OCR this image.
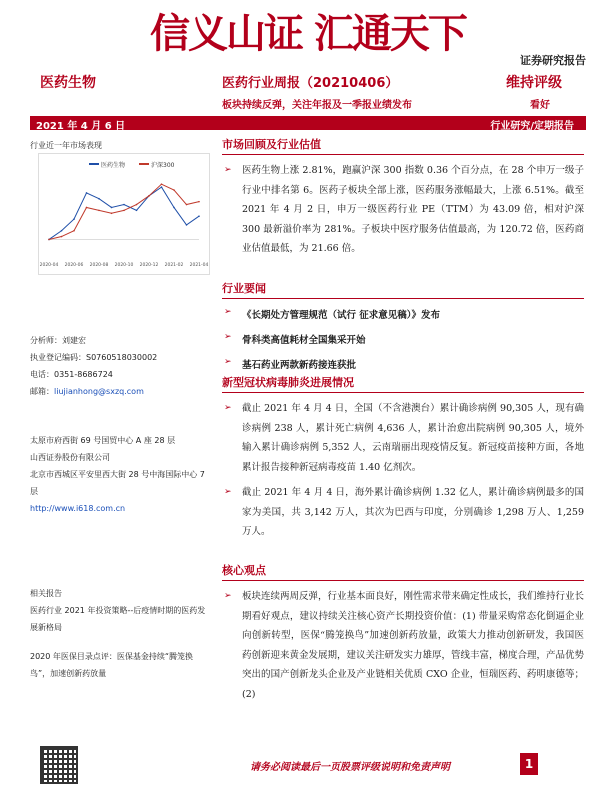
信义山证 汇通天下
证券研究报告
医药生物	医药行业周报（20210406）	维持评级
板块持续反弹，关注年报及一季报业绩发布	看好
2021 年 4 月 6 日	行业研究/定期报告
行业近一年市场表现
医药生物	沪深300
2020-04 2020-06 2020-08 2020-10 2020-12 2021-02 2021-04
分析师：刘建宏
执业登记编码：S0760518030002
电话：0351-8686724
邮箱：liujianhong@sxzq.com
太原市府西街 69 号国贸中心 A 座 28 层
山西证券股份有限公司
北京市西城区平安里西大街 28 号中海国际中心 7 层
http://www.i618.com.cn
相关报告
医药行业 2021 年投资策略--后疫情时期的医药发展新格局
2020 年医保目录点评：医保基金持续“腾笼换鸟”，加速创新药放量
市场回顾及行业估值
➢ 医药生物上涨 2.81%，跑赢沪深 300 指数 0.36 个百分点，在 28 个申万一级子行业中排名第 6。医药子板块全部上涨，医药服务涨幅最大，上涨 6.51%。截至 2021 年 4 月 2 日，申万一级医药行业 PE（TTM）为 43.09 倍，相对沪深 300 最新溢价率为 281%。子板块中医疗服务估值最高，为 120.72 倍，医药商业估值最低，为 21.66 倍。
行业要闻
➢ 《长期处方管理规范（试行 征求意见稿）》发布
➢ 骨科类高值耗材全国集采开始
➢ 基石药业两款新药接连获批
新型冠状病毒肺炎进展情况
➢ 截止 2021 年 4 月 4 日，全国（不含港澳台）累计确诊病例 90,305 人，现有确诊病例 238 人，累计死亡病例 4,636 人，累计治愈出院病例 90,305 人，境外输入累计确诊病例 5,352 人，云南瑞丽出现疫情反复。新冠疫苗接种方面，各地累计报告接种新冠病毒疫苗 1.40 亿剂次。
➢ 截止 2021 年 4 月 4 日，海外累计确诊病例 1.32 亿人，累计确诊病例最多的国家为美国，共 3,142 万人，其次为巴西与印度，分别确诊 1,298 万人、1,259 万人。
核心观点
➢ 板块连续两周反弹，行业基本面良好，刚性需求带来确定性成长，我们维持行业长期看好观点，建议持续关注核心资产长期投资价值：(1) 带量采购常态化倒逼企业向创新转型，医保“腾笼换鸟”加速创新药放量，政策大力推动创新研发，我国医药创新迎来黄金发展期，建议关注研发实力雄厚，管线丰富，梯度合理，产品优势突出的国产创新龙头企业及产业链相关优质 CXO 企业，恒瑞医药、药明康德等；(2)
请务必阅读最后一页股票评级说明和免责声明	1
